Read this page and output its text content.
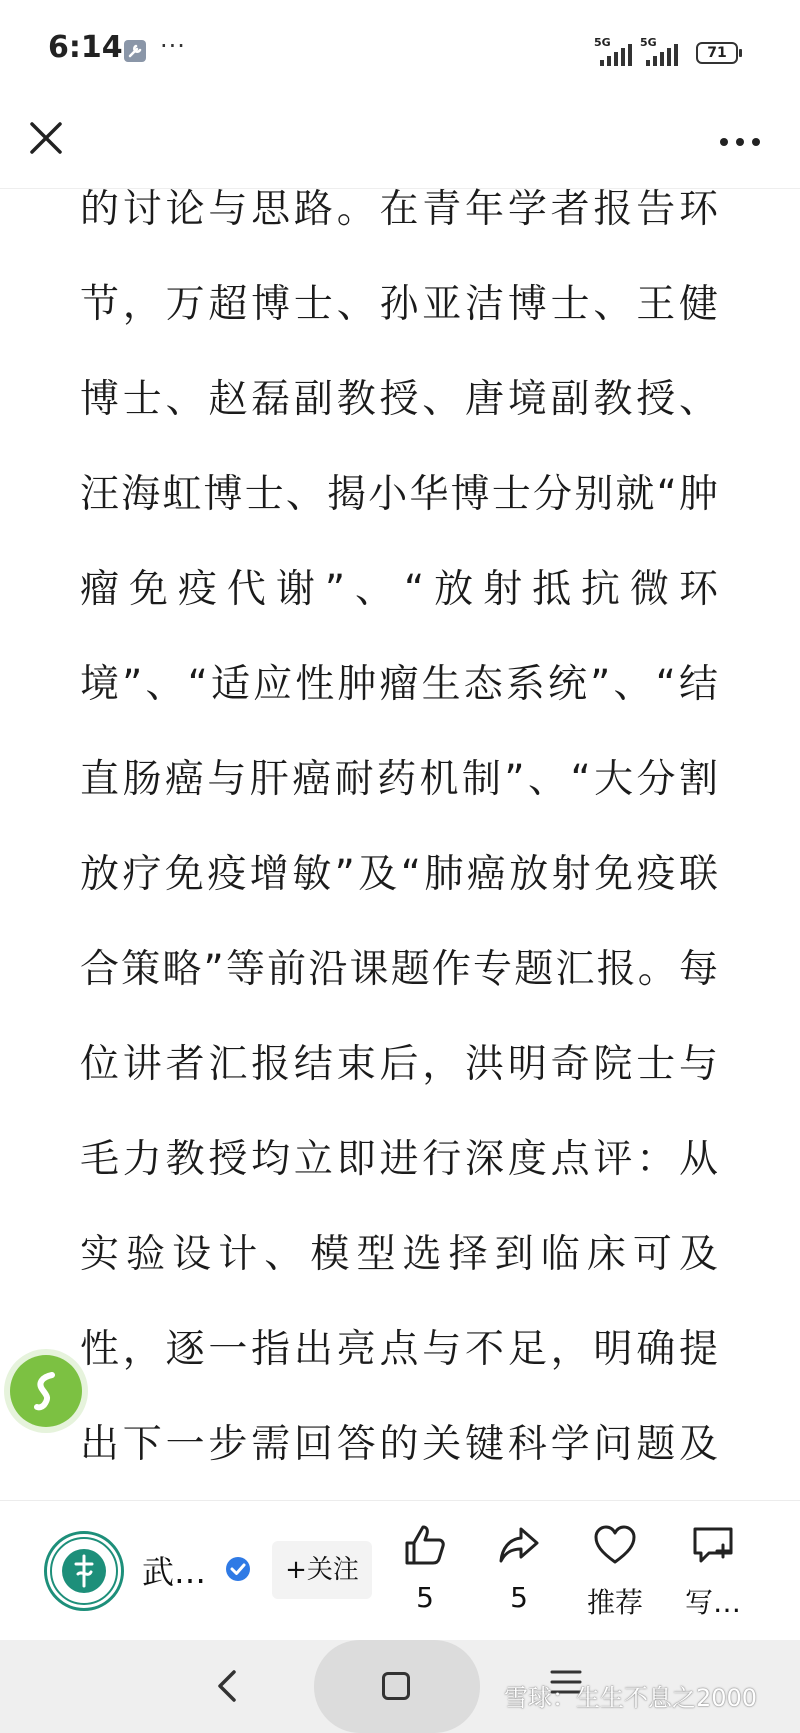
6:14 ···	5G	5G
71

的讨论与思路。在青年学者报告环节，万超博士、孙亚洁博士、王健博士、赵磊副教授、唐境副教授、汪海虹博士、揭小华博士分别就“肿瘤免疫代谢”、“放射抵抗微环境”、“适应性肿瘤生态系统”、“结直肠癌与肝癌耐药机制”、“大分割放疗免疫增敏”及“肺癌放射免疫联合策略”等前沿课题作专题汇报。每位讲者汇报结束后，洪明奇院士与毛力教授均立即进行深度点评：从实验设计、模型选择到临床可及性，逐一指出亮点与不足，明确提出下一步需回答的关键科学问题及

武…	+关注
5	5	推荐	写…
雪球：生生不息之2000
